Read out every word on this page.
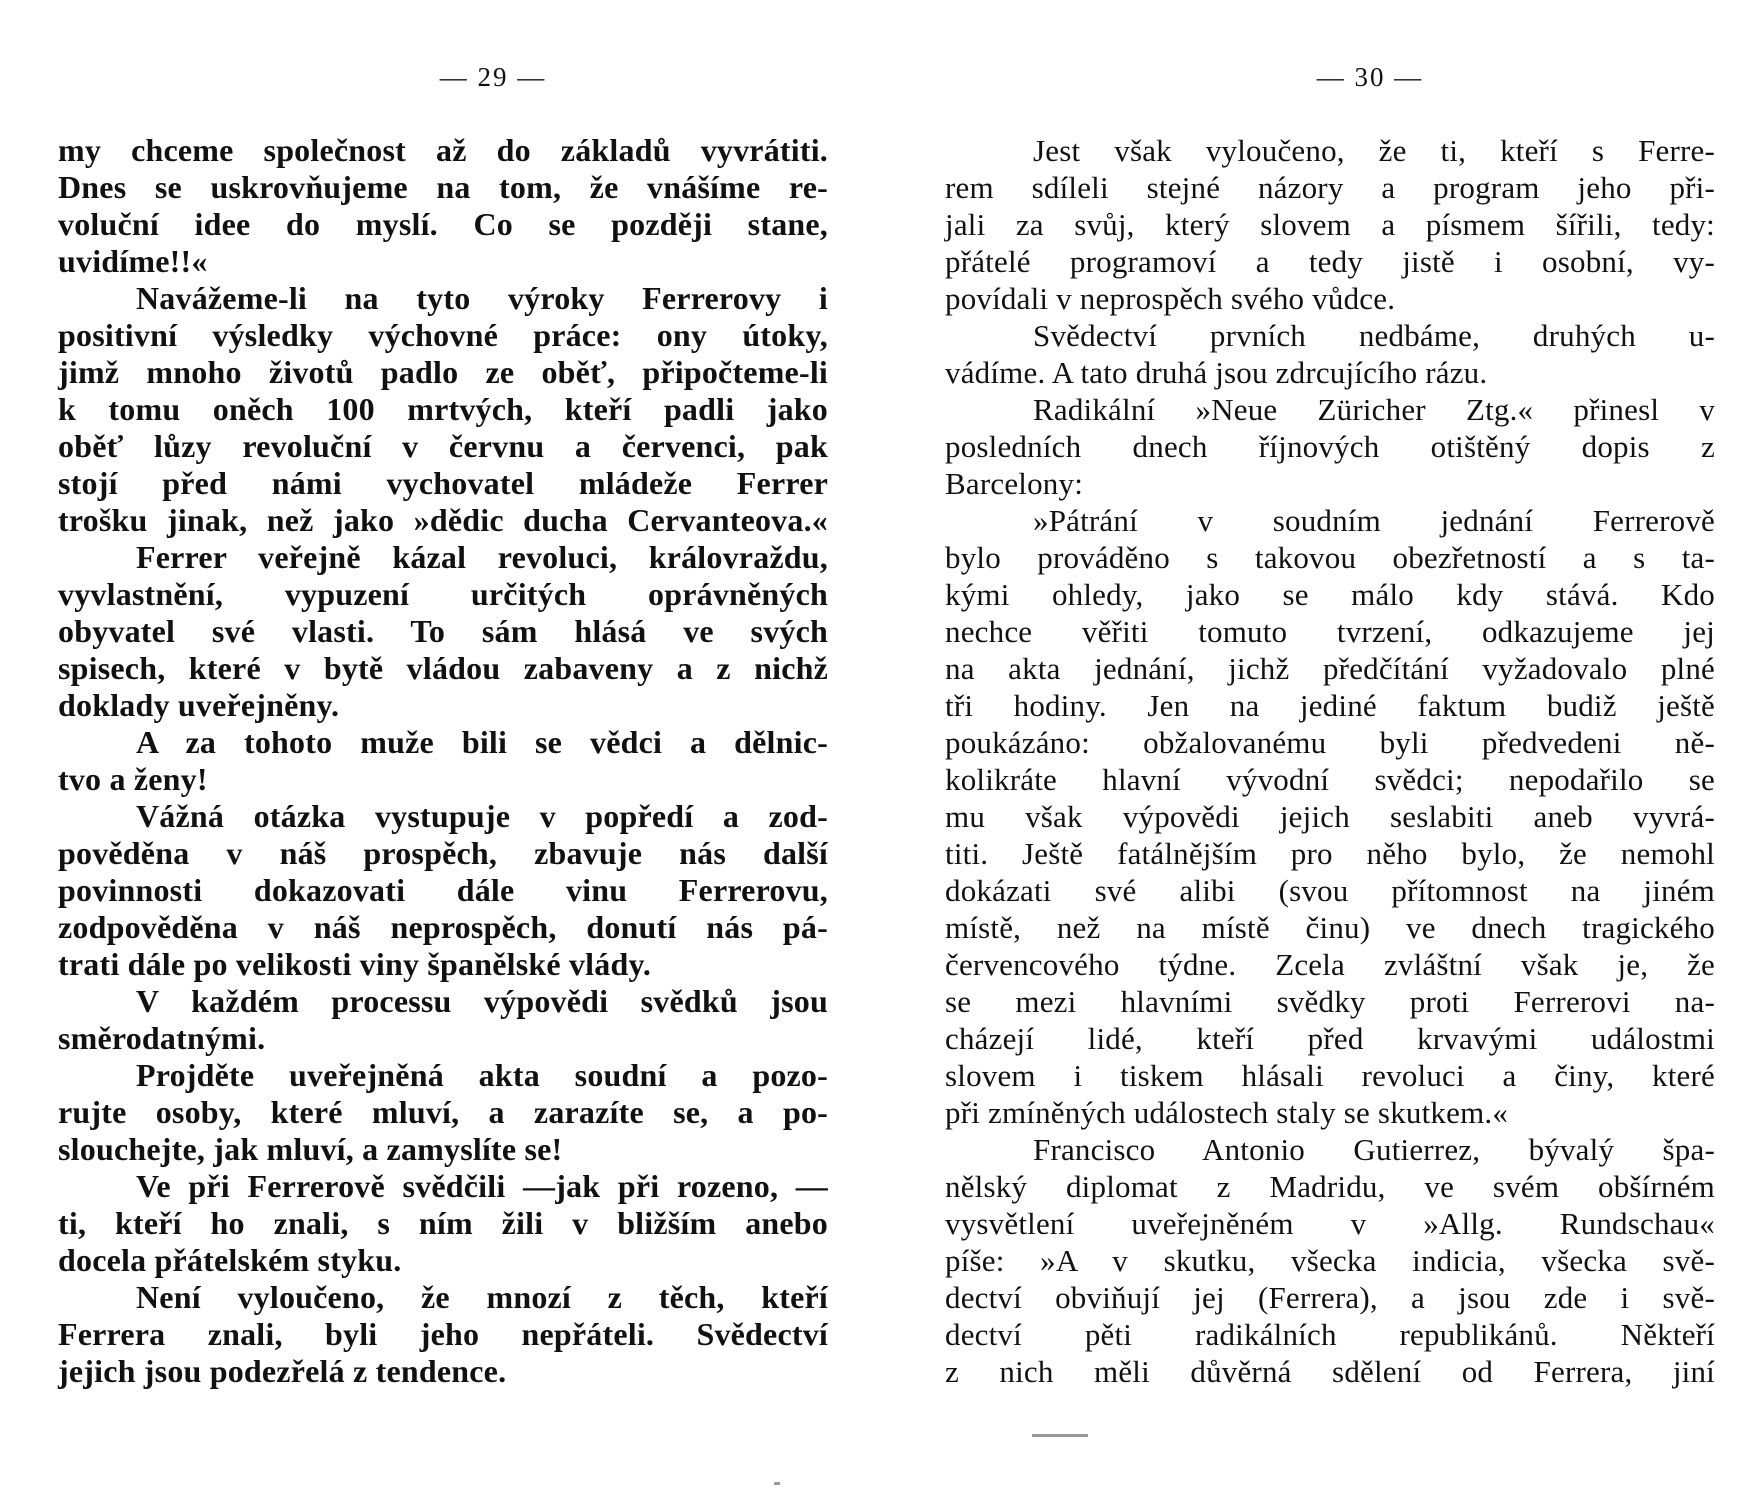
— 29 —
my chceme společnost až do základů vyvrátiti.
Dnes se uskrovňujeme na tom, že vnášíme re-
voluční idee do myslí. Co se později stane,
uvidíme!!«
Navážeme-li na tyto výroky Ferrerovy i
positivní výsledky výchovné práce: ony útoky,
jimž mnoho životů padlo ze oběť, připočteme-li
k tomu oněch 100 mrtvých, kteří padli jako
oběť lůzy revoluční v červnu a červenci, pak
stojí před námi vychovatel mládeže Ferrer
trošku jinak, než jako »dědic ducha Cervanteova.«
Ferrer veřejně kázal revoluci, královraždu,
vyvlastnění, vypuzení určitých oprávněných
obyvatel své vlasti. To sám hlásá ve svých
spisech, které v bytě vládou zabaveny a z nichž
doklady uveřejněny.
A za tohoto muže bili se vědci a dělnic-
tvo a ženy!
Vážná otázka vystupuje v popředí a zod-
pověděna v náš prospěch, zbavuje nás další
povinnosti dokazovati dále vinu Ferrerovu,
zodpověděna v náš neprospěch, donutí nás pá-
trati dále po velikosti viny španělské vlády.
V každém processu výpovědi svědků jsou
směrodatnými.
Projděte uveřejněná akta soudní a pozo-
rujte osoby, které mluví, a zarazíte se, a po-
slouchejte, jak mluví, a zamyslíte se!
Ve při Ferrerově svědčili —jak při rozeno, —
ti, kteří ho znali, s ním žili v bližším anebo
docela přátelském styku.
Není vyloučeno, že mnozí z těch, kteří
Ferrera znali, byli jeho nepřáteli. Svědectví
jejich jsou podezřelá z tendence.
— 30 —
Jest však vyloučeno, že ti, kteří s Ferre-
rem sdíleli stejné názory a program jeho při-
jali za svůj, který slovem a písmem šířili, tedy:
přátelé programoví a tedy jistě i osobní, vy-
povídali v neprospěch svého vůdce.
Svědectví prvních nedbáme, druhých u-
vádíme. A tato druhá jsou zdrcujícího rázu.
Radikální »Neue Züricher Ztg.« přinesl v
posledních dnech říjnových otištěný dopis z
Barcelony:
»Pátrání v soudním jednání Ferrerově
bylo prováděno s takovou obezřetností a s ta-
kými ohledy, jako se málo kdy stává. Kdo
nechce věřiti tomuto tvrzení, odkazujeme jej
na akta jednání, jichž předčítání vyžadovalo plné
tři hodiny. Jen na jediné faktum budiž ještě
poukázáno: obžalovanému byli předvedeni ně-
kolikráte hlavní vývodní svědci; nepodařilo se
mu však výpovědi jejich seslabiti aneb vyvrá-
titi. Ještě fatálnějším pro něho bylo, že nemohl
dokázati své alibi (svou přítomnost na jiném
místě, než na místě činu) ve dnech tragického
červencového týdne. Zcela zvláštní však je, že
se mezi hlavními svědky proti Ferrerovi na-
cházejí lidé, kteří před krvavými událostmi
slovem i tiskem hlásali revoluci a činy, které
při zmíněných událostech staly se skutkem.«
Francisco Antonio Gutierrez, bývalý špa-
nělský diplomat z Madridu, ve svém obšírném
vysvětlení uveřejněném v »Allg. Rundschau«
píše: »A v skutku, všecka indicia, všecka svě-
dectví obviňují jej (Ferrera), a jsou zde i svě-
dectví pěti radikálních republikánů. Někteří
z nich měli důvěrná sdělení od Ferrera, jiní
